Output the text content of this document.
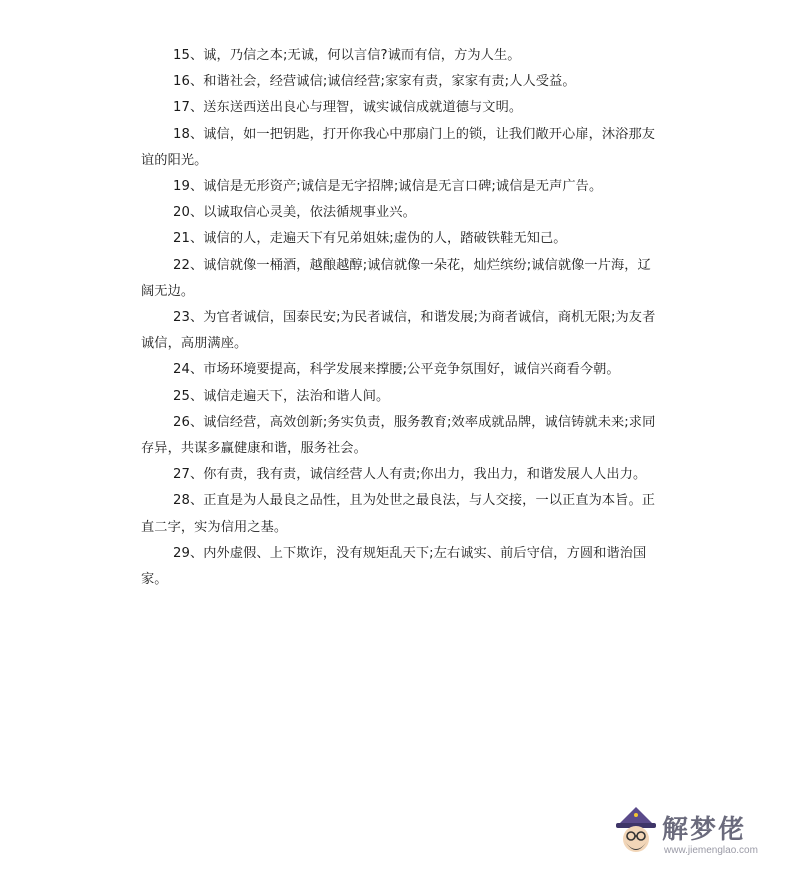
15、诚，乃信之本;无诚，何以言信?诚而有信，方为人生。

16、和谐社会，经营诚信;诚信经营;家家有责，家家有责;人人受益。

17、送东送西送出良心与理智，诚实诚信成就道德与文明。

18、诚信，如一把钥匙，打开你我心中那扇门上的锁，让我们敞开心扉，沐浴那友谊的阳光。

19、诚信是无形资产;诚信是无字招牌;诚信是无言口碑;诚信是无声广告。

20、以诚取信心灵美，依法循规事业兴。

21、诚信的人，走遍天下有兄弟姐妹;虚伪的人，踏破铁鞋无知己。

22、诚信就像一桶酒，越酿越醇;诚信就像一朵花，灿烂缤纷;诚信就像一片海，辽阔无边。

23、为官者诚信，国泰民安;为民者诚信，和谐发展;为商者诚信，商机无限;为友者诚信，高朋满座。

24、市场环境要提高，科学发展来撑腰;公平竞争氛围好，诚信兴商看今朝。

25、诚信走遍天下，法治和谐人间。

26、诚信经营，高效创新;务实负责，服务教育;效率成就品牌，诚信铸就未来;求同存异，共谋多赢健康和谐，服务社会。

27、你有责，我有责，诚信经营人人有责;你出力，我出力，和谐发展人人出力。

28、正直是为人最良之品性，且为处世之最良法，与人交接，一以正直为本旨。正直二字，实为信用之基。

29、内外虚假、上下欺诈，没有规矩乱天下;左右诚实、前后守信，方圆和谐治国家。

解梦佬
www.jiemenglao.com
